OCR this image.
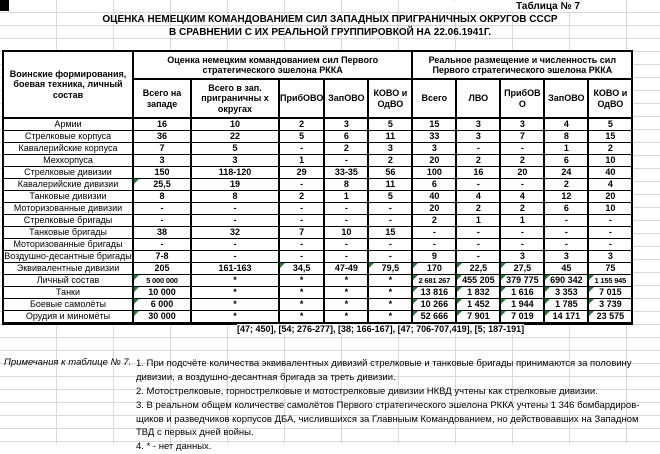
Таблица № 7
ОЦЕНКА НЕМЕЦКИМ КОМАНДОВАНИЕМ СИЛ ЗАПАДНЫХ ПРИГРАНИЧНЫХ ОКРУГОВ СССР
В СРАВНЕНИИ С ИХ РЕАЛЬНОЙ ГРУППИРОВКОЙ НА 22.06.1941Г.
Воинские формирования, боевая техника, личный состав	Оценка немецким командованием сил Первого стратегического эшелона РККА					Реальное размещение и численность сил Первого стратегического эшелона РККА				
	Всего на западе	Всего в зап. приграничны х округах	ПрибОВО	ЗапОВО	КОВО и ОдВО	Всего	ЛВО	ПрибОВ О	ЗапОВО	КОВО и ОдВО
Армии	16	10	2	3	5	15	3	3	4	5
Стрелковые корпуса	36	22	5	6	11	33	3	7	8	15
Кавалерийские корпуса	7	5	-	2	3	3	-	-	1	2
Мехкорпуса	3	3	1	-	2	20	2	2	6	10
Стрелковые дивизии	150	118-120	29	33-35	56	100	16	20	24	40
Кавалерийские дивизии	25,5	19	-	8	11	6	-	-	2	4
Танковые дивизии	8	8	2	1	5	40	4	4	12	20
Моторизованные дивизии	-	-	-	-	-	20	2	2	6	10
Стрелковые бригады	-	-	-	-	-	2	1	1	-	-
Танковые бригады	38	32	7	10	15	-	-	-	-	-
Моторизованные бригады	-	-	-	-	-	-	-	-	-	-
Воздушно-десантные бригады	7-8	-	-	-	-	9	-	3	3	3
Эквивалентные дивизии	205	161-163	34,5	47-49	79,5	170	22,5	27,5	45	75
Личный состав	5 000 000	*	*	*	*	2 681 267	455 205	379 775	690 342	1 155 945
Танки	10 000	*	*	*	*	13 816	1 832	1 616	3 353	7 015
Боевые самолёты	6 000	*	*	*	*	10 266	1 452	1 944	1 785	3 739
Орудия и миномёты	30 000	*	*	*	*	52 666	7 901	7 019	14 171	23 575
[47; 450], [54; 276-277], [38; 166-167], [47; 706-707,419], [5; 187-191]
Примечания к таблице № 7. 1. При подсчёте количества эквивалентных дивизий стрелковые и танковые бригады принимаются за половину
дивизии, а воздушно-десантная бригада за треть дивизии.
2. Мотострелковые, горнострелковые и мотострелковые дивизии НКВД учтены как стрелковые дивизии.
3. В реальном общем количестве самолётов Первого стратегического эшелона РККА учтены 1 346 бомбардиров-
щиков и разведчиков корпусов ДБА, числившихся за Главныым Командованием, но действовавших на Западном
ТВД с первых дней войны.
4. * - нет данных.
